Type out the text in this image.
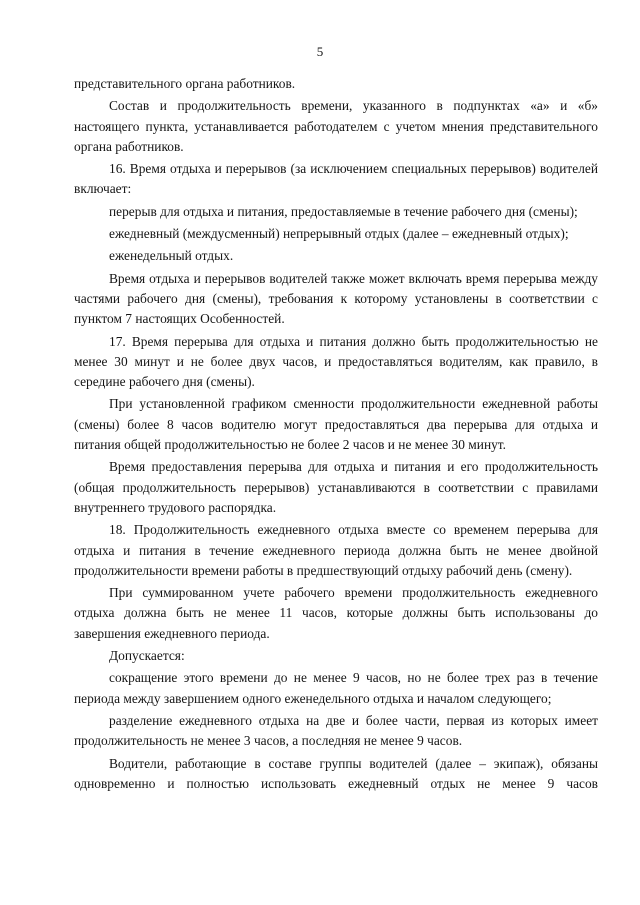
5

представительного органа работников.

Состав и продолжительность времени, указанного в подпунктах «а» и «б» настоящего пункта, устанавливается работодателем с учетом мнения представительного органа работников.

16. Время отдыха и перерывов (за исключением специальных перерывов) водителей включает:

перерыв для отдыха и питания, предоставляемые в течение рабочего дня (смены);

ежедневный (междусменный) непрерывный отдых (далее – ежедневный отдых);

еженедельный отдых.

Время отдыха и перерывов водителей также может включать время перерыва между частями рабочего дня (смены), требования к которому установлены в соответствии с пунктом 7 настоящих Особенностей.

17. Время перерыва для отдыха и питания должно быть продолжительностью не менее 30 минут и не более двух часов, и предоставляться водителям, как правило, в середине рабочего дня (смены).

При установленной графиком сменности продолжительности ежедневной работы (смены) более 8 часов водителю могут предоставляться два перерыва для отдыха и питания общей продолжительностью не более 2 часов и не менее 30 минут.

Время предоставления перерыва для отдыха и питания и его продолжительность (общая продолжительность перерывов) устанавливаются в соответствии с правилами внутреннего трудового распорядка.

18. Продолжительность ежедневного отдыха вместе со временем перерыва для отдыха и питания в течение ежедневного периода должна быть не менее двойной продолжительности времени работы в предшествующий отдыху рабочий день (смену).

При суммированном учете рабочего времени продолжительность ежедневного отдыха должна быть не менее 11 часов, которые должны быть использованы до завершения ежедневного периода.

Допускается:

сокращение этого времени до не менее 9 часов, но не более трех раз в течение периода между завершением одного еженедельного отдыха и началом следующего;

разделение ежедневного отдыха на две и более части, первая из которых имеет продолжительность не менее 3 часов, а последняя не менее 9 часов.

Водители, работающие в составе группы водителей (далее – экипаж), обязаны одновременно и полностью использовать ежедневный отдых не менее 9 часов
